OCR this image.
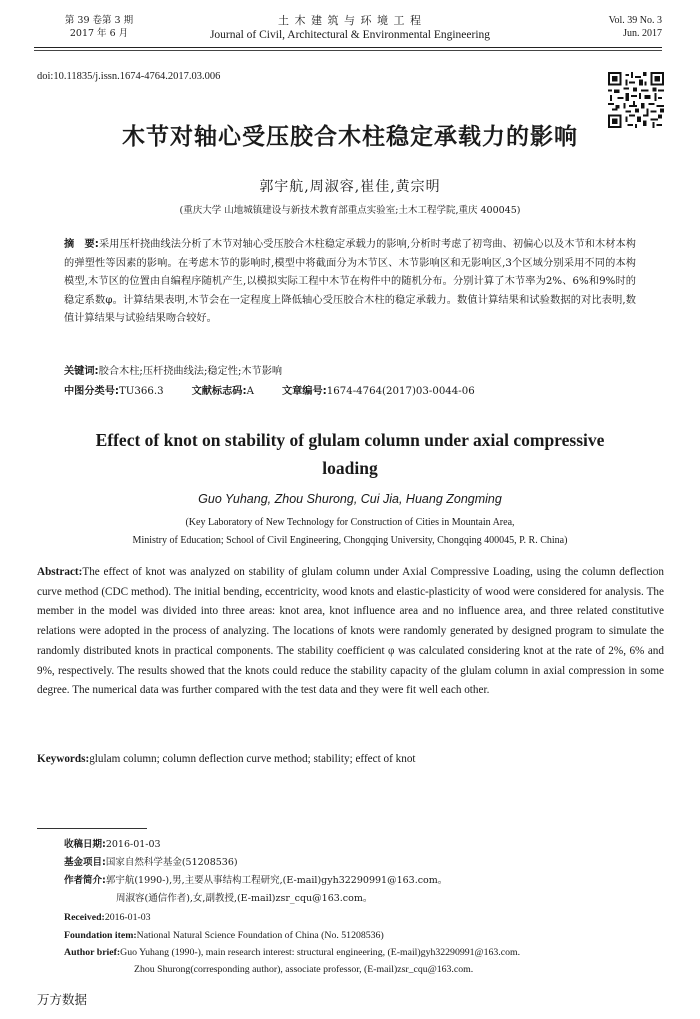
第 39 卷第 3 期
2017 年 6 月
土 木 建 筑 与 环 境 工 程
Journal of Civil, Architectural & Environmental Engineering
Vol. 39 No. 3
Jun. 2017
doi:10.11835/j.issn.1674-4764.2017.03.006
木节对轴心受压胶合木柱稳定承载力的影响
郭宇航,周淑容,崔佳,黄宗明
(重庆大学 山地城镇建设与新技术教育部重点实验室;土木工程学院,重庆 400045)
摘　要:采用压杆挠曲线法分析了木节对轴心受压胶合木柱稳定承载力的影响,分析时考虑了初弯曲、初偏心以及木节和木材本构的弹塑性等因素的影响。在考虑木节的影响时,模型中将截面分为木节区、木节影响区和无影响区,3个区域分别采用不同的本构模型,木节区的位置由自编程序随机产生,以模拟实际工程中木节在构件中的随机分布。分别计算了木节率为2%、6%和9%时的稳定系数φ。计算结果表明,木节会在一定程度上降低轴心受压胶合木柱的稳定承载力。数值计算结果和试验数据的对比表明,数值计算结果与试验结果吻合较好。
关键词:胶合木柱;压杆挠曲线法;稳定性;木节影响
中图分类号:TU366.3	文献标志码:A	文章编号:1674-4764(2017)03-0044-06
Effect of knot on stability of glulam column under axial compressive loading
Guo Yuhang, Zhou Shurong, Cui Jia, Huang Zongming
(Key Laboratory of New Technology for Construction of Cities in Mountain Area,
Ministry of Education; School of Civil Engineering, Chongqing University, Chongqing 400045, P. R. China)
Abstract:The effect of knot was analyzed on stability of glulam column under Axial Compressive Loading, using the column deflection curve method (CDC method). The initial bending, eccentricity, wood knots and elastic-plasticity of wood were considered for analysis. The member in the model was divided into three areas: knot area, knot influence area and no influence area, and three related constitutive relations were adopted in the process of analyzing. The locations of knots were randomly generated by designed program to simulate the randomly distributed knots in practical components. The stability coefficient φ was calculated considering knot at the rate of 2%, 6% and 9%, respectively. The results showed that the knots could reduce the stability capacity of the glulam column in axial compression in some degree. The numerical data was further compared with the test data and they were fit well each other.
Keywords:glulam column; column deflection curve method; stability; effect of knot
收稿日期:2016-01-03
基金项目:国家自然科学基金(51208536)
作者简介:郭宇航(1990-),男,主要从事结构工程研究,(E-mail)gyh32290991@163.com。
周淑容(通信作者),女,副教授,(E-mail)zsr_cqu@163.com。
Received:2016-01-03
Foundation item:National Natural Science Foundation of China (No. 51208536)
Author brief:Guo Yuhang (1990-), main research interest: structural engineering, (E-mail)gyh32290991@163.com.
Zhou Shurong(corresponding author), associate professor, (E-mail)zsr_cqu@163.com.
万方数据
